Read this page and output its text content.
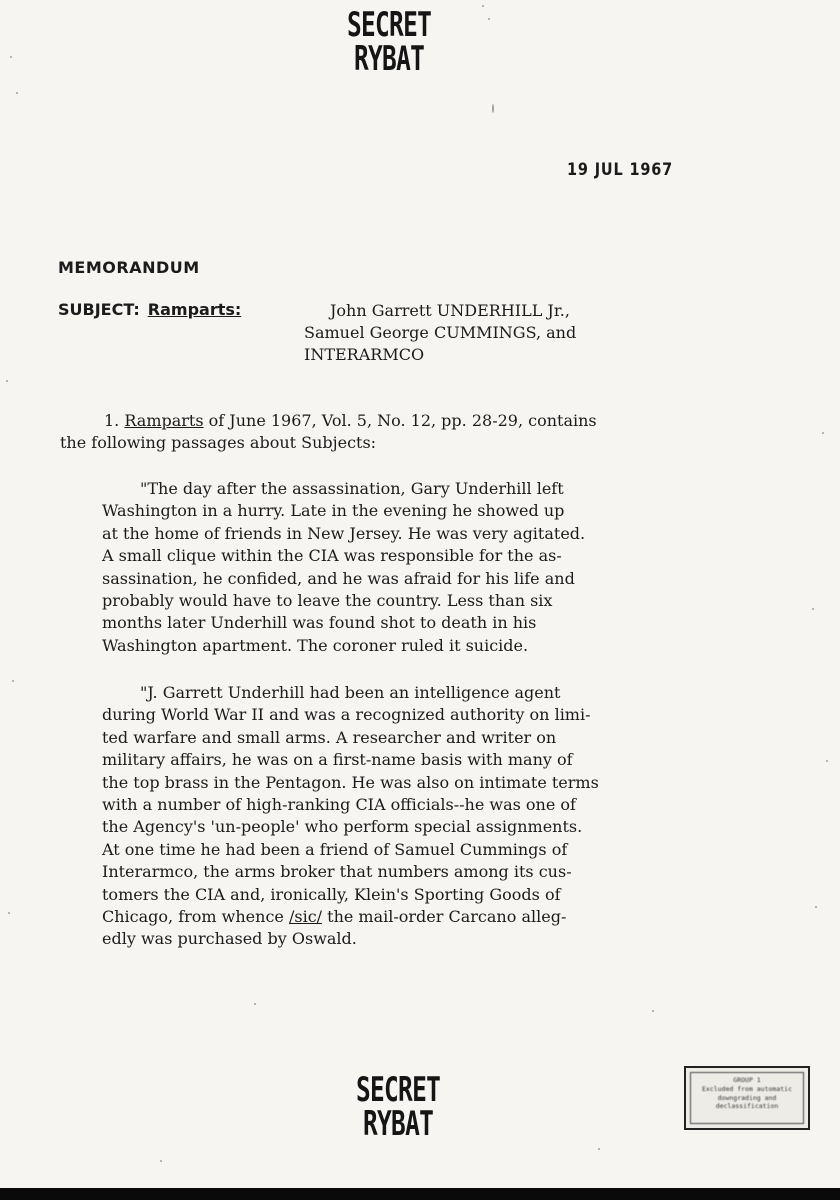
SECRET
RYBAT
19 JUL 1967
MEMORANDUM
SUBJECT: Ramparts:	John Garrett UNDERHILL Jr.,
Samuel George CUMMINGS, and
INTERARMCO
1. Ramparts of June 1967, Vol. 5, No. 12, pp. 28-29, contains
the following passages about Subjects:
"The day after the assassination, Gary Underhill left
Washington in a hurry. Late in the evening he showed up
at the home of friends in New Jersey. He was very agitated.
A small clique within the CIA was responsible for the as-
sassination, he confided, and he was afraid for his life and
probably would have to leave the country. Less than six
months later Underhill was found shot to death in his
Washington apartment. The coroner ruled it suicide.
"J. Garrett Underhill had been an intelligence agent
during World War II and was a recognized authority on limi-
ted warfare and small arms. A researcher and writer on
military affairs, he was on a first-name basis with many of
the top brass in the Pentagon. He was also on intimate terms
with a number of high-ranking CIA officials--he was one of
the Agency's 'un-people' who perform special assignments.
At one time he had been a friend of Samuel Cummings of
Interarmco, the arms broker that numbers among its cus-
tomers the CIA and, ironically, Klein's Sporting Goods of
Chicago, from whence /sic/ the mail-order Carcano alleg-
edly was purchased by Oswald.
SECRET
RYBAT
GROUP 1
Excluded from automatic
downgrading and
declassification
